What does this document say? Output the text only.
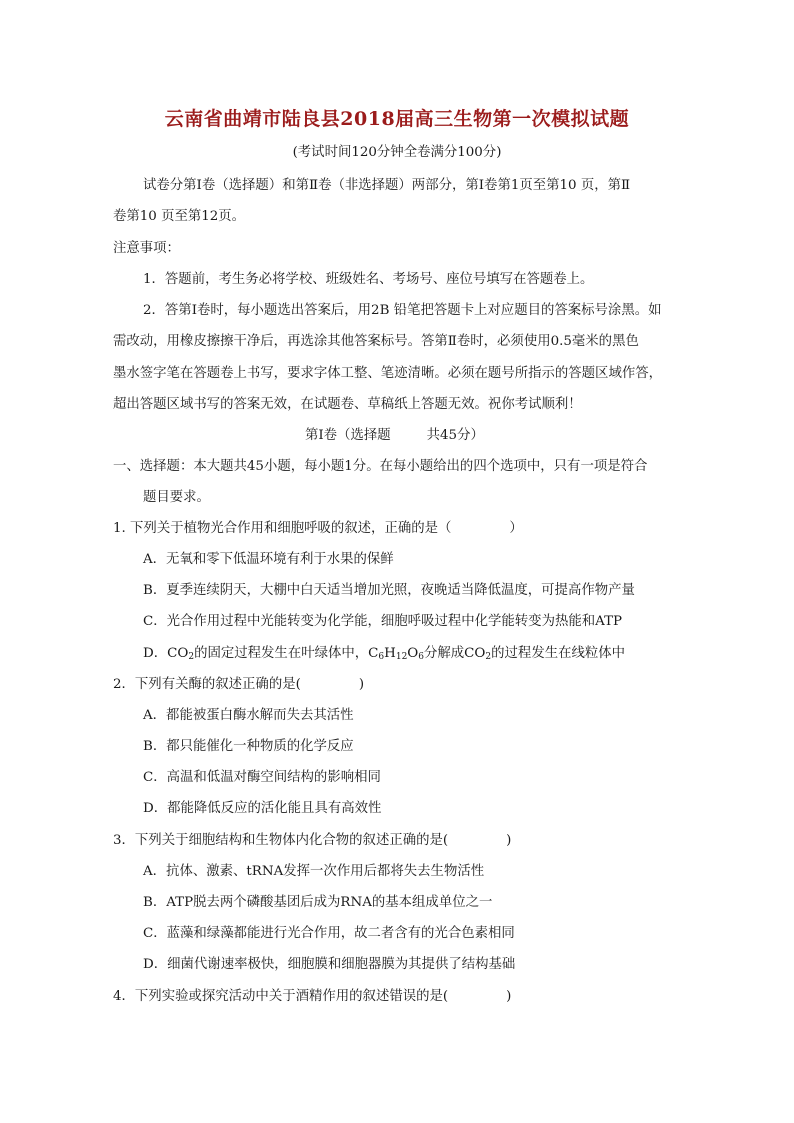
云南省曲靖市陆良县2018届高三生物第一次模拟试题
(考试时间120分钟全卷满分100分)
试卷分第Ⅰ卷（选择题）和第Ⅱ卷（非选择题）两部分，第Ⅰ卷第1页至第10 页，第Ⅱ
卷第10 页至第12页。
注意事项：
1．答题前，考生务必将学校、班级姓名、考场号、座位号填写在答题卷上。
2．答第Ⅰ卷时，每小题选出答案后，用2B 铅笔把答题卡上对应题目的答案标号涂黑。如
需改动，用橡皮擦擦干净后，再选涂其他答案标号。答第Ⅱ卷时，必须使用0.5毫米的黑色
墨水签字笔在答题卷上书写，要求字体工整、笔迹清晰。必须在题号所指示的答题区域作答，
超出答题区域书写的答案无效，在试题卷、草稿纸上答题无效。祝你考试顺利！
第Ⅰ卷（选择题	共45分）
一、选择题：本大题共45小题，每小题1分。在每小题给出的四个选项中，只有一项是符合
题目要求。
1. 下列关于植物光合作用和细胞呼吸的叙述，正确的是（	）
A．无氧和零下低温环境有利于水果的保鲜
B．夏季连续阴天，大棚中白天适当增加光照，夜晚适当降低温度，可提高作物产量
C．光合作用过程中光能转变为化学能，细胞呼吸过程中化学能转变为热能和ATP
D．$CO_2$的固定过程发生在叶绿体中，$C_6H_{12}O_6$分解成$CO_2$的过程发生在线粒体中
2．下列有关酶的叙述正确的是(	)
A．都能被蛋白酶水解而失去其活性
B．都只能催化一种物质的化学反应
C．高温和低温对酶空间结构的影响相同
D．都能降低反应的活化能且具有高效性
3．下列关于细胞结构和生物体内化合物的叙述正确的是(	)
A．抗体、激素、tRNA发挥一次作用后都将失去生物活性
B．ATP脱去两个磷酸基团后成为RNA的基本组成单位之一
C．蓝藻和绿藻都能进行光合作用，故二者含有的光合色素相同
D．细菌代谢速率极快，细胞膜和细胞器膜为其提供了结构基础
4．下列实验或探究活动中关于酒精作用的叙述错误的是(	)
